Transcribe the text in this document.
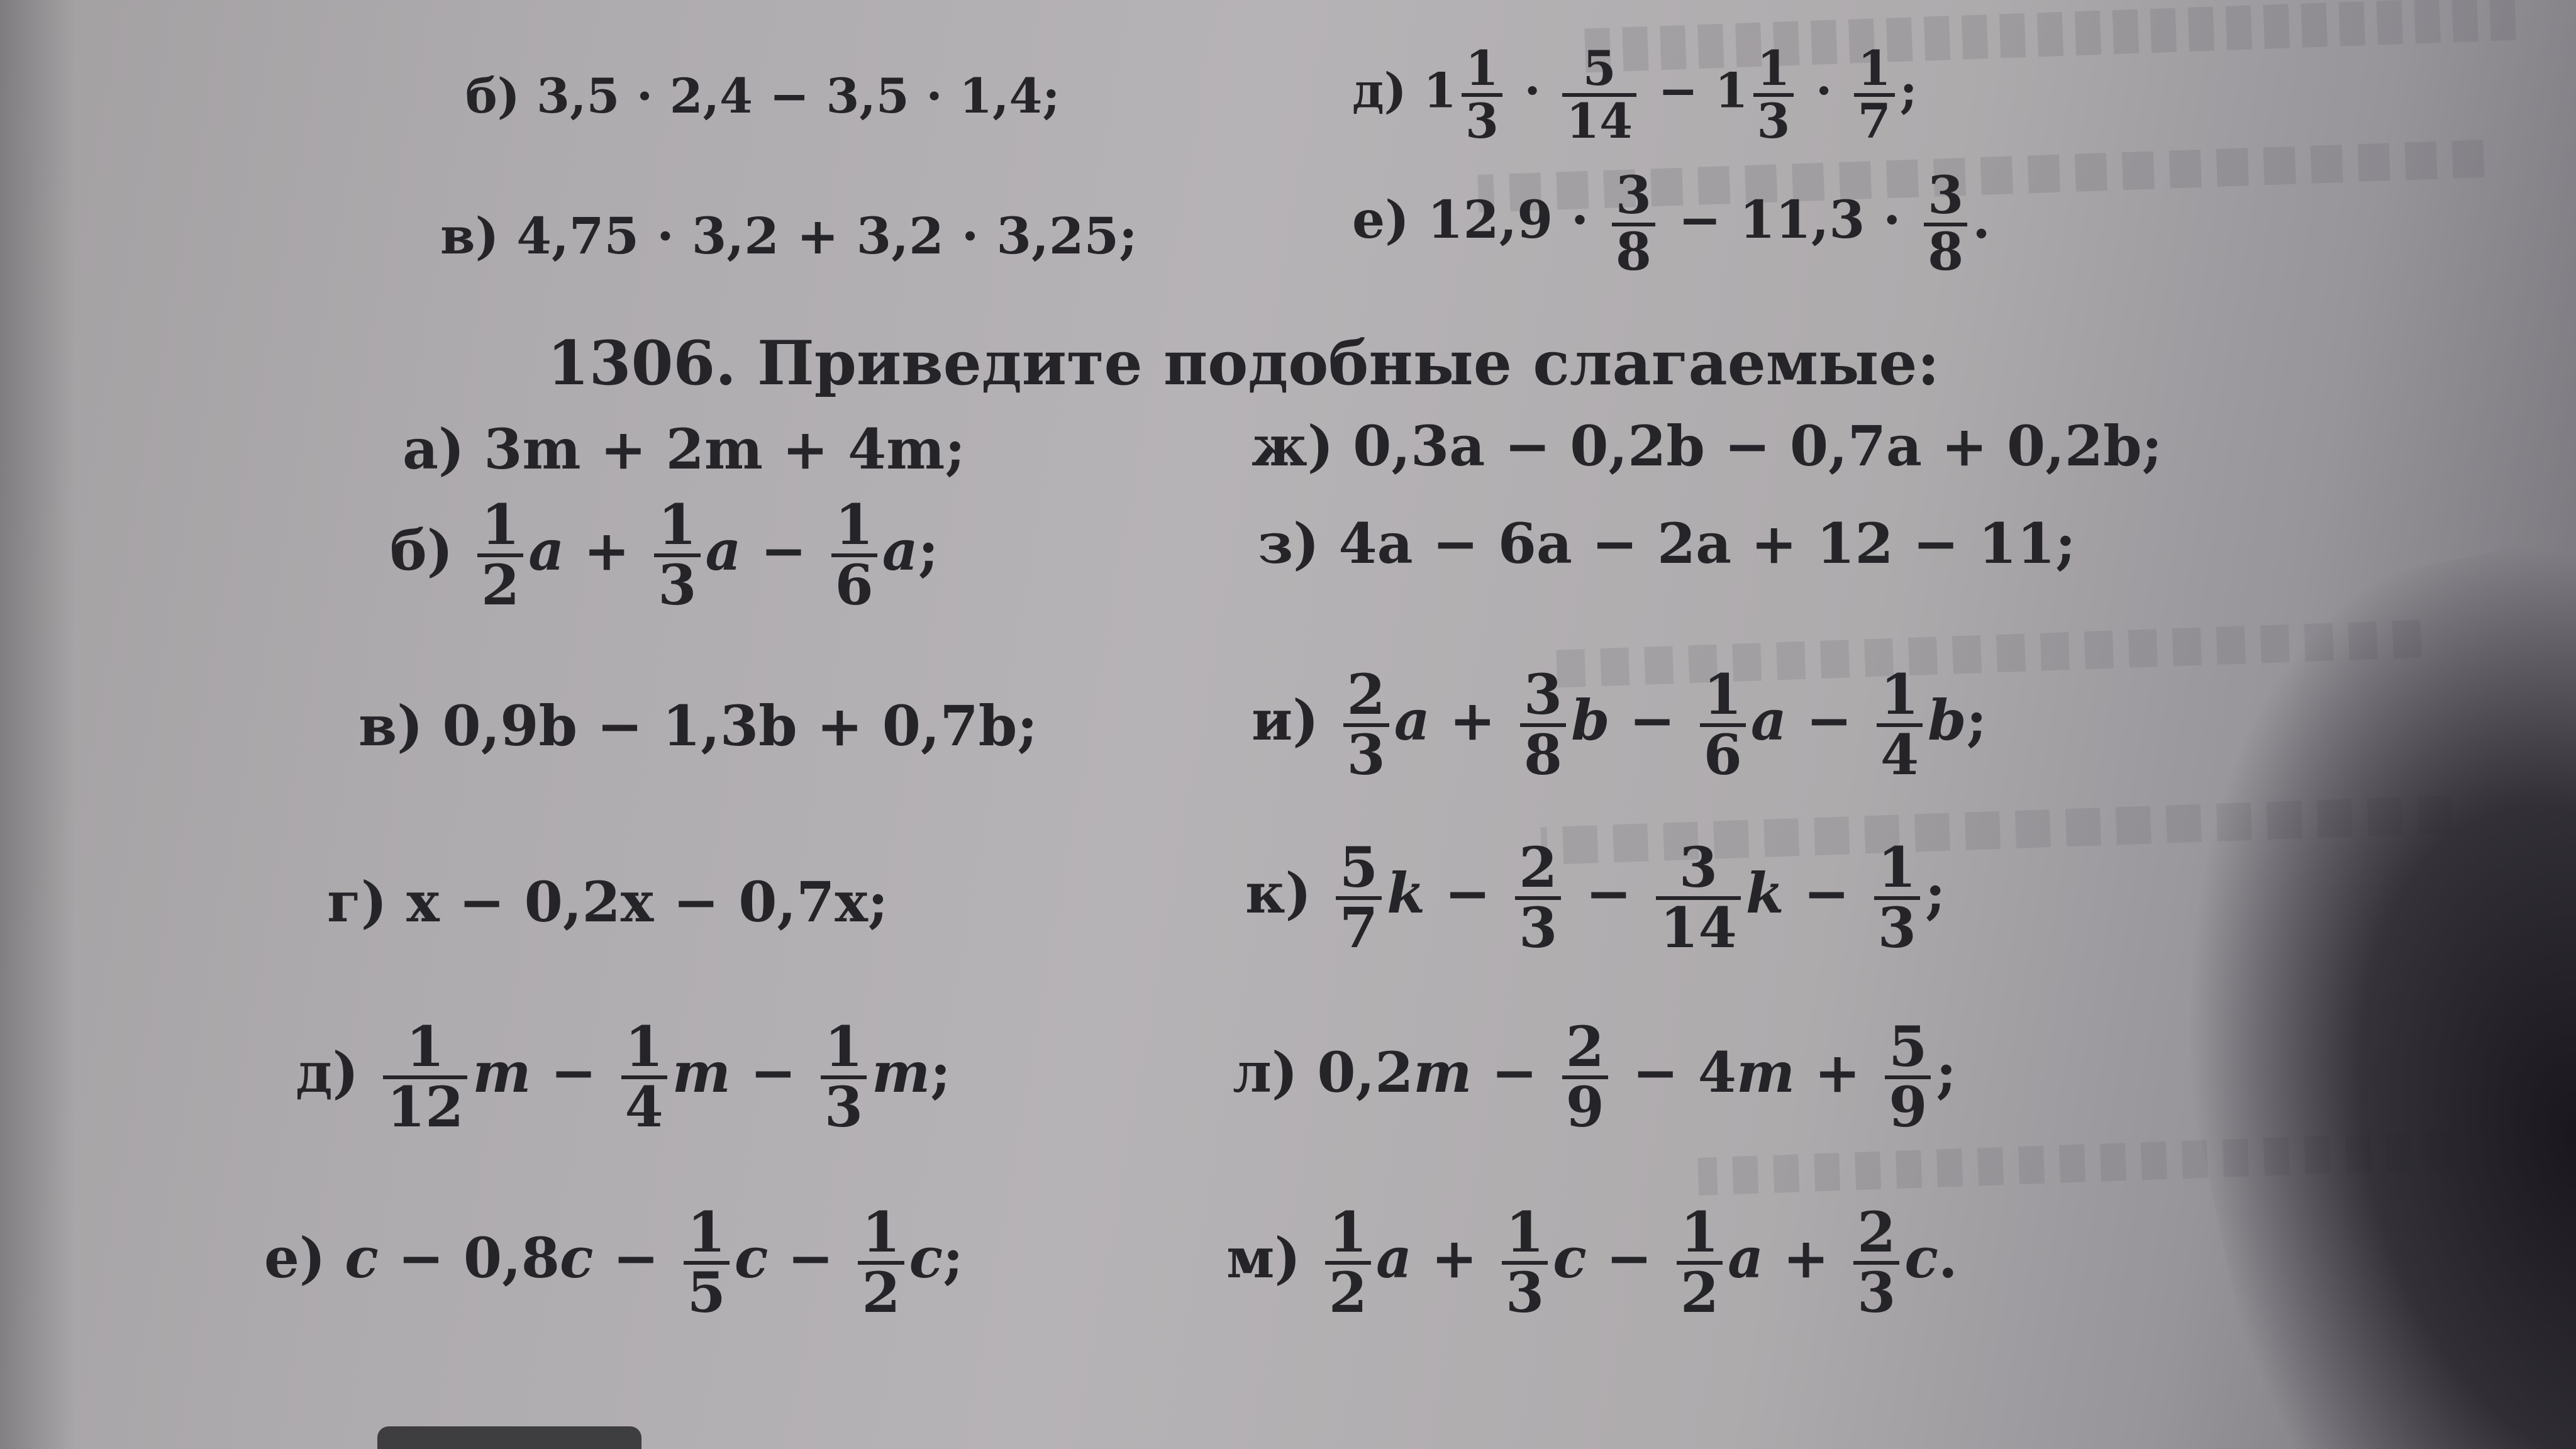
б) 3,5 · 2,4 − 3,5 · 1,4;	д) $1 \frac{1}{3} \cdot \frac{5}{14} - 1 \frac{1}{3} \cdot \frac{1}{7}$ ;
в) 4,75 · 3,2 + 3,2 · 3,25;	е) $12,9 \cdot \frac{3}{8} - 11,3 \cdot \frac{3}{8}$ .
1306. Приведите подобные слагаемые:
а) 3m + 2m + 4m;	ж) 0,3a − 0,2b − 0,7a + 0,2b;
$б) \frac{1}{2}$ $a + \frac{1}{3}$ $a - \frac{1}{6} a$;	з) 4a − 6a − 2a + 12 − 11;
в) 0,9b − 1,3b + 0,7b;	$и) \frac{2}{3}$ $a + \frac{3}{8}$ $b - \frac{1}{6}$ $a - \frac{1}{4} b$;
г) x − 0,2x − 0,7x;	$к) \frac{5}{7}$ $k - \frac{2}{3} - \frac{3}{14}$ $k - \frac{1}{3}$ ;
$д) \frac{1}{12}$ $m - \frac{1}{4}$ $m - \frac{1}{3} m$;	л) $0,2m - \frac{2}{9} - 4m + \frac{5}{9}$ ;
е) $c - 0,8c - \frac{1}{5}$ $c - \frac{1}{2} c$;	$м) \frac{1}{2}$ $a + \frac{1}{3}$ $c - \frac{1}{2}$ $a + \frac{2}{3} c$.
